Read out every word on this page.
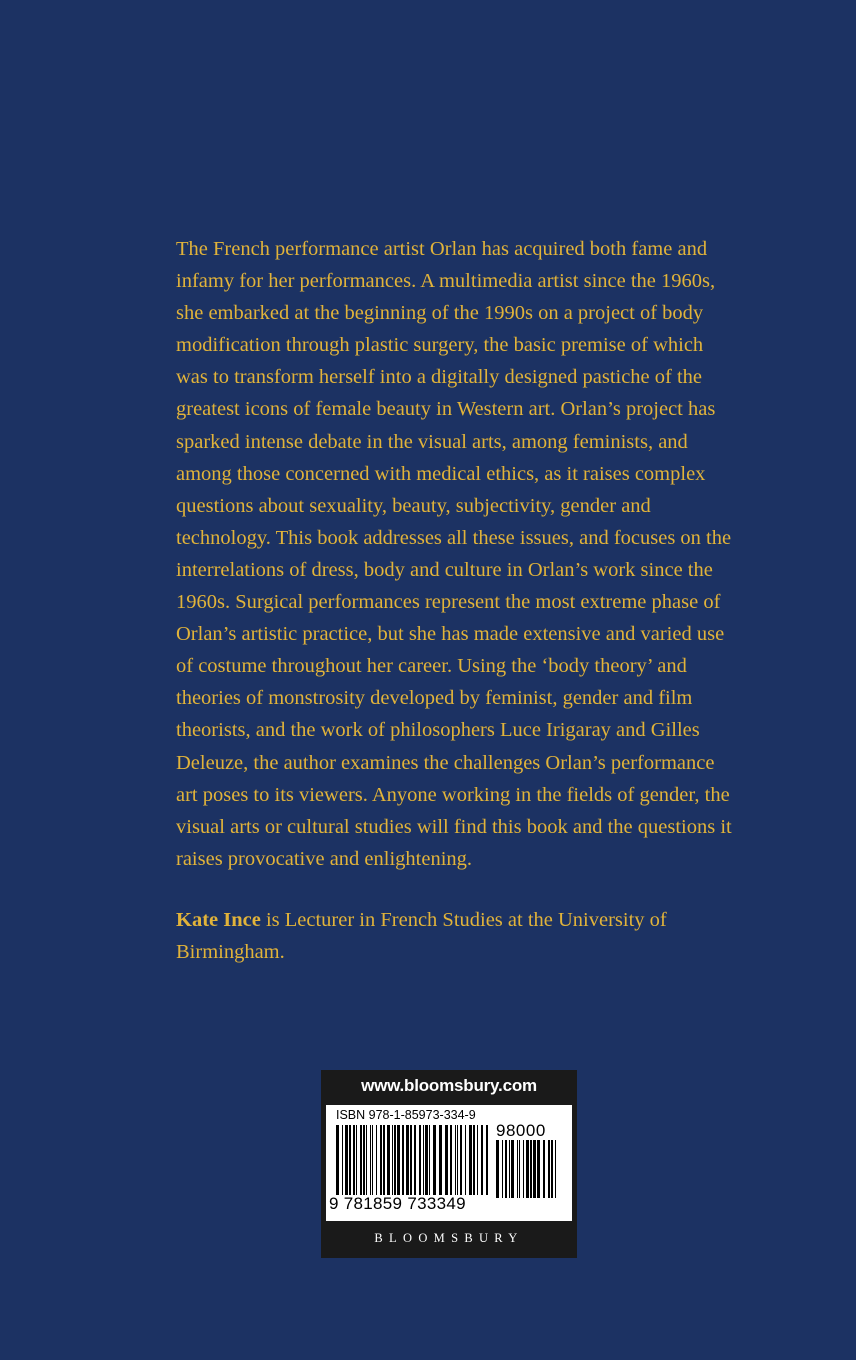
The French performance artist Orlan has acquired both fame and infamy for her performances. A multimedia artist since the 1960s, she embarked at the beginning of the 1990s on a project of body modification through plastic surgery, the basic premise of which was to transform herself into a digitally designed pastiche of the greatest icons of female beauty in Western art. Orlan’s project has sparked intense debate in the visual arts, among feminists, and among those concerned with medical ethics, as it raises complex questions about sexuality, beauty, subjectivity, gender and technology. This book addresses all these issues, and focuses on the interrelations of dress, body and culture in Orlan’s work since the 1960s. Surgical performances represent the most extreme phase of Orlan’s artistic practice, but she has made extensive and varied use of costume throughout her career. Using the ‘body theory’ and theories of monstrosity developed by feminist, gender and film theorists, and the work of philosophers Luce Irigaray and Gilles Deleuze, the author examines the challenges Orlan’s performance art poses to its viewers. Anyone working in the fields of gender, the visual arts or cultural studies will find this book and the questions it raises provocative and enlightening.

Kate Ince is Lecturer in French Studies at the University of Birmingham.

www.bloomsbury.com
ISBN 978-1-85973-334-9
98000
9 781859 733349
BLOOMSBURY
